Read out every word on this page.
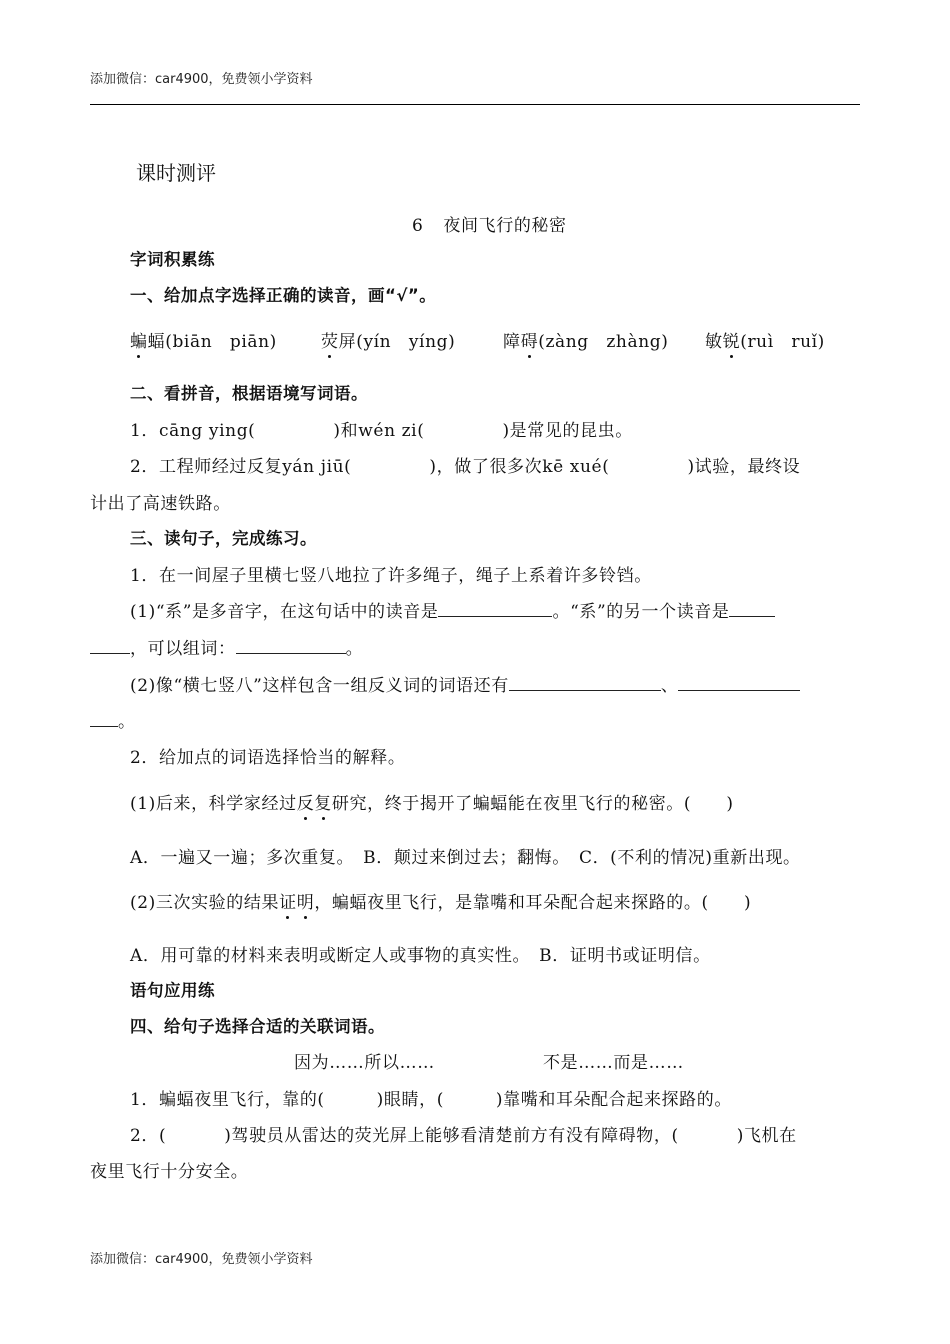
添加微信：car4900，免费领小学资料
课时测评
6 夜间飞行的秘密
字词积累练
一、给加点字选择正确的读音，画“√”。
蝙蝠(biān　piān)	荧屏(yín　yíng)	障碍(zàng　zhàng) 敏锐(ruì　ruǐ)
二、看拼音，根据语境写词语。
1．cāng ying(	)和wén zi(	)是常见的昆虫。
2．工程师经过反复yán jiū(	)，做了很多次kē xué(	)试验，最终设
计出了高速铁路。
三、读句子，完成练习。
1．在一间屋子里横七竖八地拉了许多绳子，绳子上系着许多铃铛。
(1)“系”是多音字，在这句话中的读音是	。“系”的另一个读音是
，可以组词：	。
(2)像“横七竖八”这样包含一组反义词的词语还有	、
。
2．给加点的词语选择恰当的解释。
(1)后来，科学家经过反复研究，终于揭开了蝙蝠能在夜里飞行的秘密。(　　)
A．一遍又一遍；多次重复。　B．颠过来倒过去；翻悔。　C．(不利的情况)重新出现。
(2)三次实验的结果证明，蝙蝠夜里飞行，是靠嘴和耳朵配合起来探路的。(　　)
A．用可靠的材料来表明或断定人或事物的真实性。　B．证明书或证明信。
语句应用练
四、给句子选择合适的关联词语。
因为……所以……	不是……而是……
1．蝙蝠夜里飞行，靠的(	)眼睛，(	)靠嘴和耳朵配合起来探路的。
2．(	)驾驶员从雷达的荧光屏上能够看清楚前方有没有障碍物，(	)飞机在
夜里飞行十分安全。
添加微信：car4900，免费领小学资料
